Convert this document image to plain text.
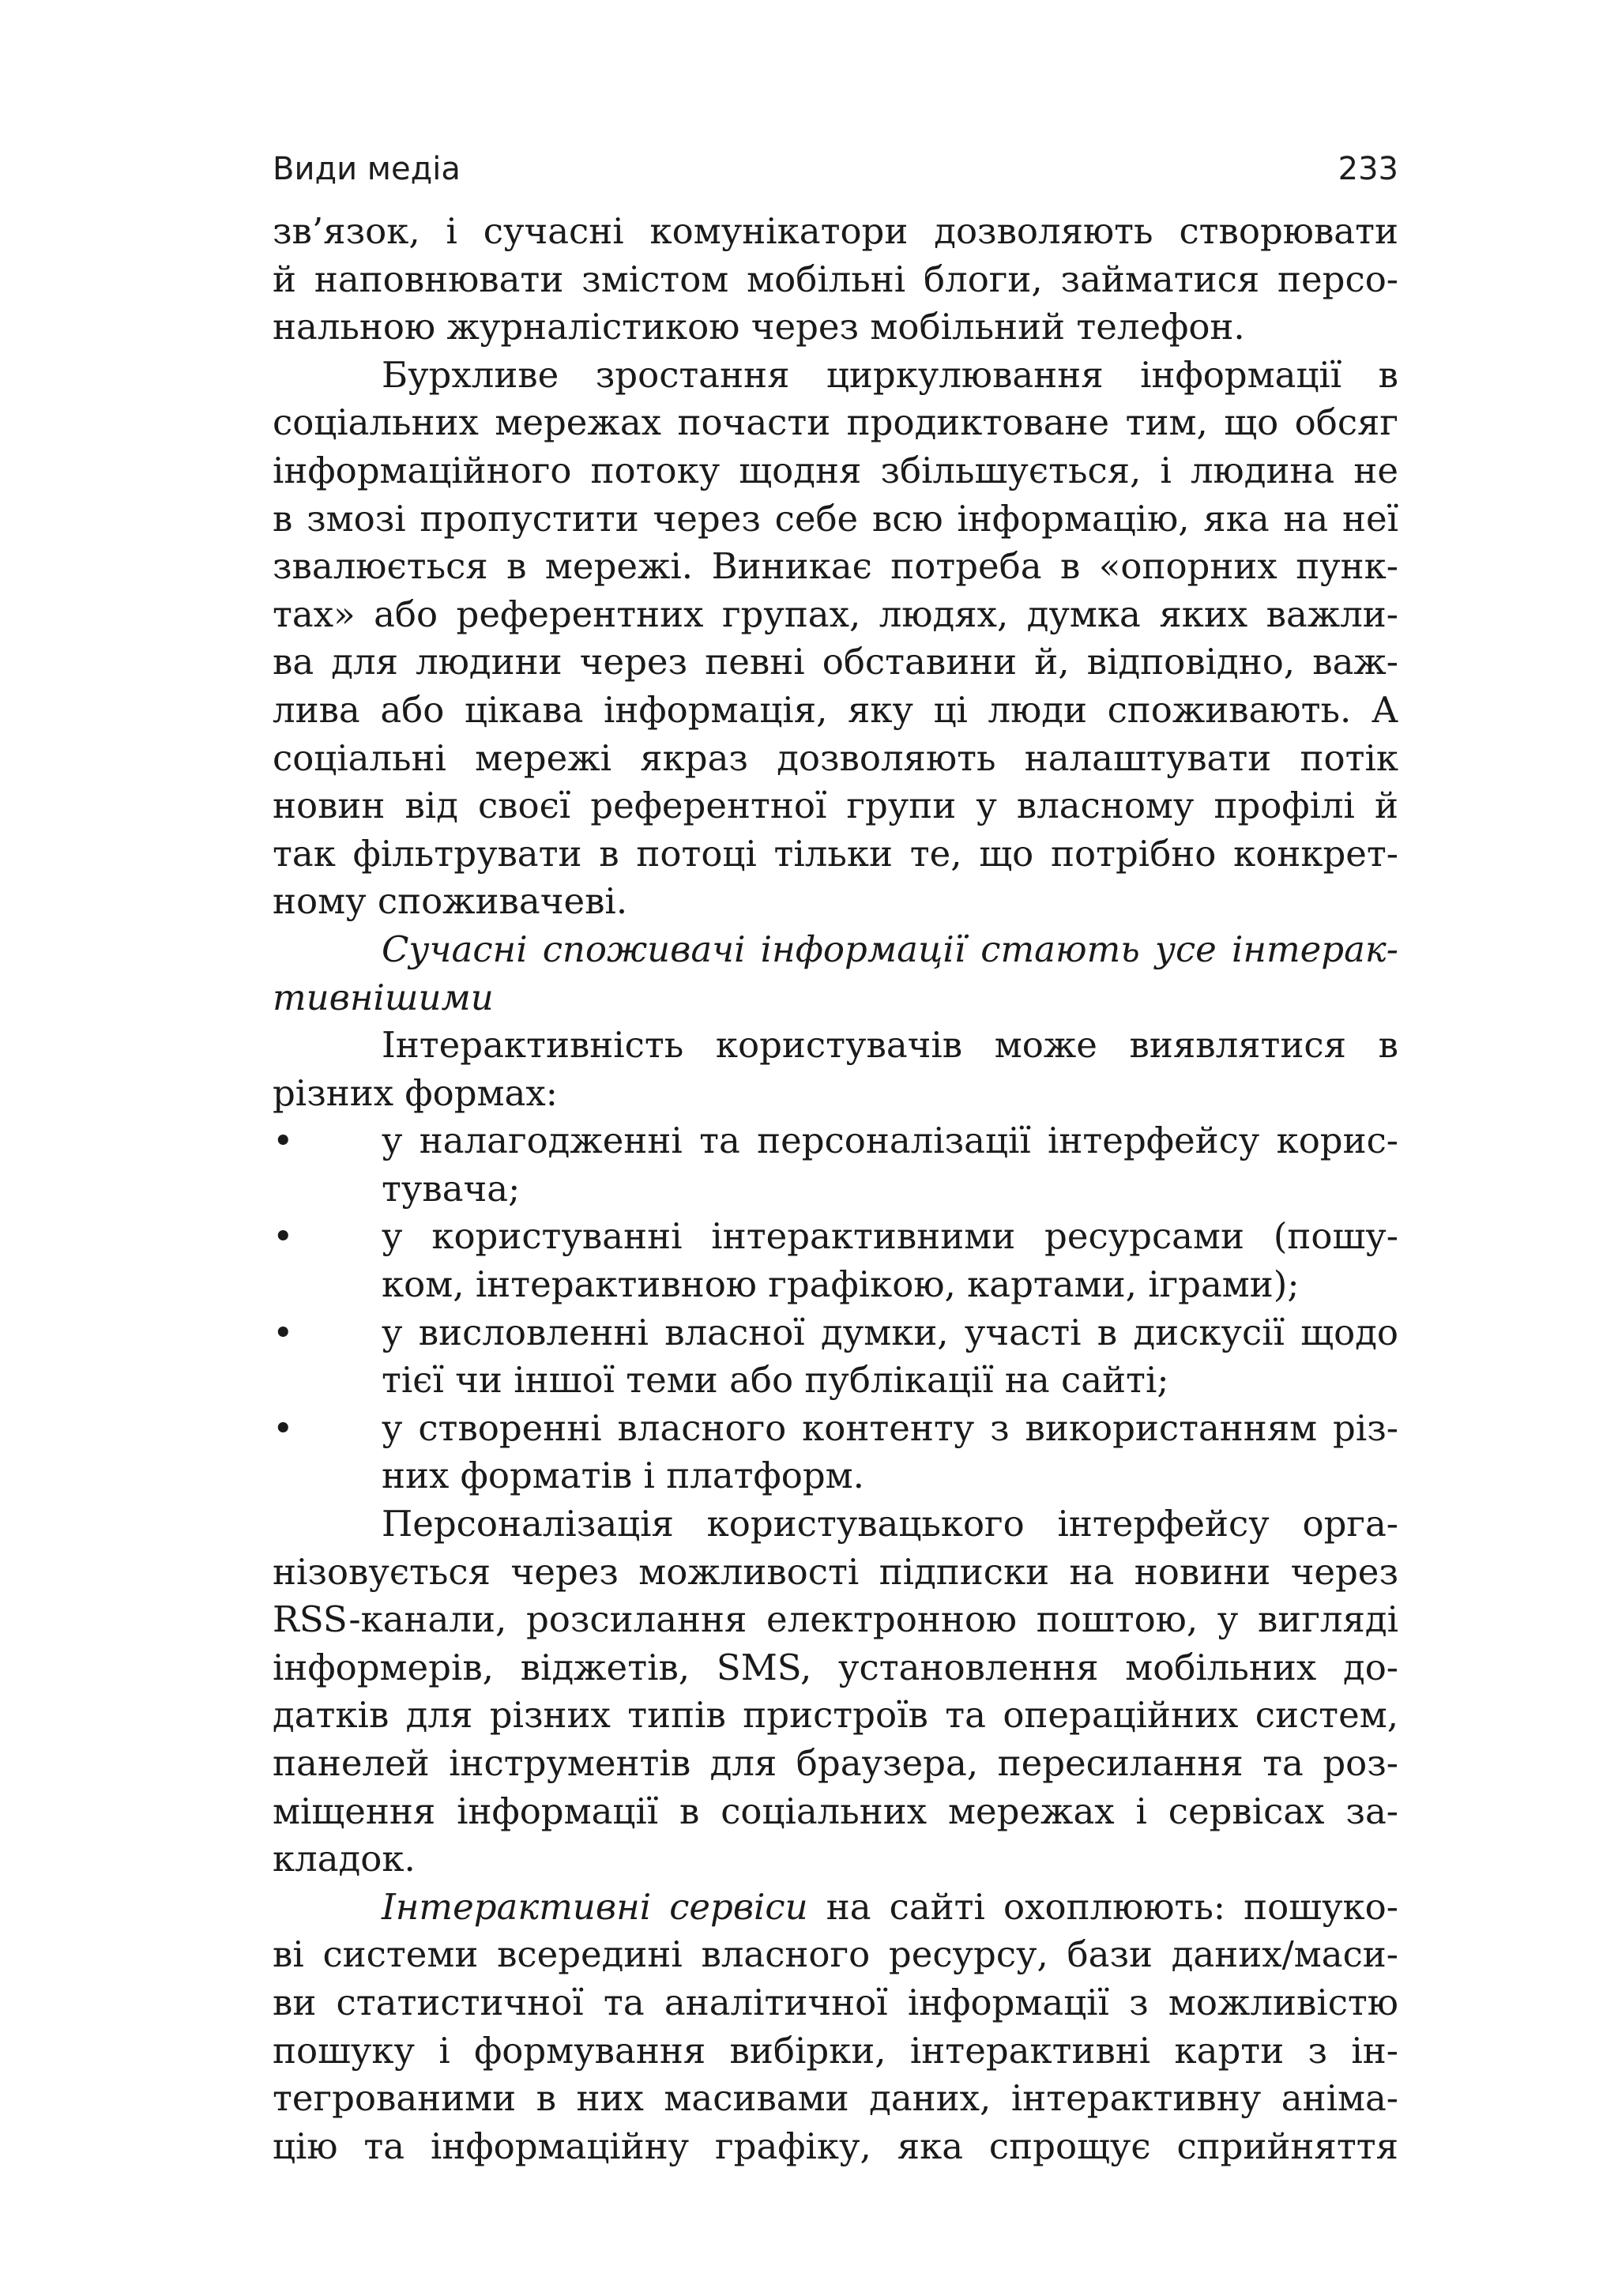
Види медіа	233
зв’язок, і сучасні комунікатори дозволяють створювати
й наповнювати змістом мобільні блоги, займатися персо-
нальною журналістикою через мобільний телефон.
Бурхливе зростання циркулювання інформації в
соціальних мережах почасти продиктоване тим, що обсяг
інформаційного потоку щодня збільшується, і людина не
в змозі пропустити через себе всю інформацію, яка на неї
звалюється в мережі. Виникає потреба в «опорних пунк-
тах» або референтних групах, людях, думка яких важли-
ва для людини через певні обставини й, відповідно, важ-
лива або цікава інформація, яку ці люди споживають. А
соціальні мережі якраз дозволяють налаштувати потік
новин від своєї референтної групи у власному профілі й
так фільтрувати в потоці тільки те, що потрібно конкрет-
ному споживачеві.
Сучасні споживачі інформації стають усе інтерак-
тивнішими
Інтерактивність користувачів може виявлятися в
різних формах:
•	у налагодженні та персоналізації інтерфейсу корис-
тувача;
•	у користуванні інтерактивними ресурсами (пошу-
ком, інтерактивною графікою, картами, іграми);
•	у висловленні власної думки, участі в дискусії щодо
тієї чи іншої теми або публікації на сайті;
•	у створенні власного контенту з використанням різ-
них форматів і платформ.
Персоналізація користувацького інтерфейсу орга-
нізовується через можливості підписки на новини через
RSS-канали, розсилання електронною поштою, у вигляді
інформерів, віджетів, SMS, установлення мобільних до-
датків для різних типів пристроїв та операційних систем,
панелей інструментів для браузера, пересилання та роз-
міщення інформації в соціальних мережах і сервісах за-
кладок.
Інтерактивні сервіси на сайті охоплюють: пошуко-
ві системи всередині власного ресурсу, бази даних/маси-
ви статистичної та аналітичної інформації з можливістю
пошуку і формування вибірки, інтерактивні карти з ін-
тегрованими в них масивами даних, інтерактивну аніма-
цію та інформаційну графіку, яка спрощує сприйняття
